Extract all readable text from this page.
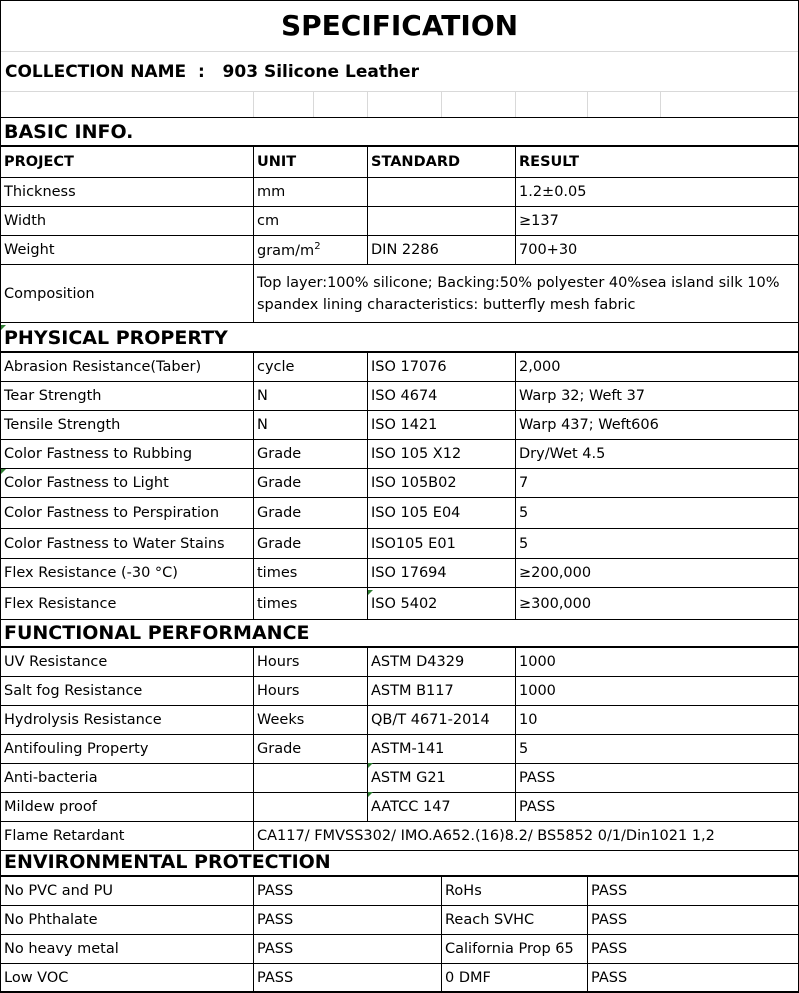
SPECIFICATION
COLLECTION NAME : 903 Silicone Leather
BASIC INFO.
PROJECT	UNIT	STANDARD	RESULT
Thickness	mm		1.2±0.05
Width	cm		≥137
Weight	gram/$m^2$	DIN 2286	700+30
Composition	Top layer:100% silicone; Backing:50% polyester 40%sea island silk 10% spandex lining characteristics: butterfly mesh fabric		
PHYSICAL PROPERTY
Abrasion Resistance(Taber)	cycle	ISO 17076	2,000
Tear Strength	N	ISO 4674	Warp 32; Weft 37
Tensile Strength	N	ISO 1421	Warp 437; Weft606
Color Fastness to Rubbing	Grade	ISO 105 X12	Dry/Wet 4.5
Color Fastness to Light	Grade	ISO 105B02	7
Color Fastness to Perspiration	Grade	ISO 105 E04	5
Color Fastness to Water Stains	Grade	ISO105 E01	5
Flex Resistance (-30 °C)	times	ISO 17694	≥200,000
Flex Resistance	times	ISO 5402	≥300,000
FUNCTIONAL PERFORMANCE
UV Resistance	Hours	ASTM D4329	1000
Salt fog Resistance	Hours	ASTM B117	1000
Hydrolysis Resistance	Weeks	QB/T 4671-2014	10
Antifouling Property	Grade	ASTM-141	5
Anti-bacteria		ASTM G21	PASS
Mildew proof		AATCC 147	PASS
Flame Retardant	CA117/ FMVSS302/ IMO.A652.(16)8.2/ BS5852 0/1/Din1021 1,2		
ENVIRONMENTAL PROTECTION
No PVC and PU	PASS	RoHs	PASS
No Phthalate	PASS	Reach SVHC	PASS
No heavy metal	PASS	California Prop 65	PASS
Low VOC	PASS	0 DMF	PASS
